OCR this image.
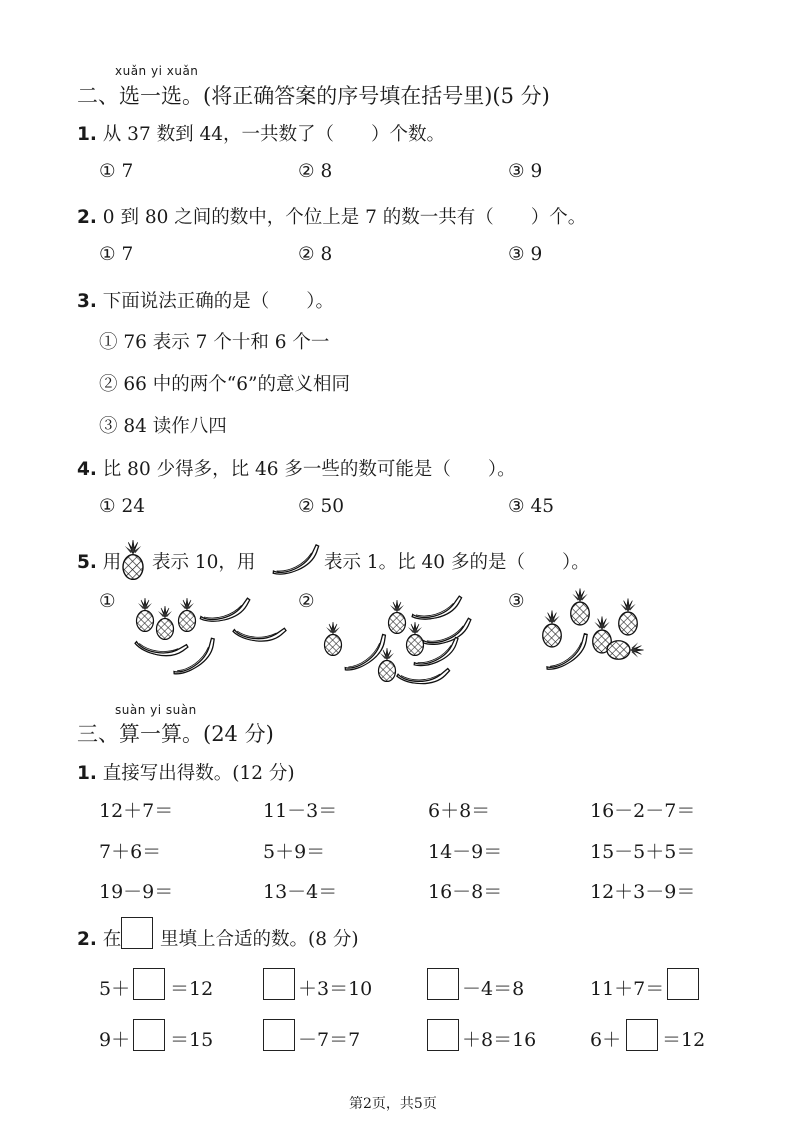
xuǎn yi xuǎn
二、选一选。(将正确答案的序号填在括号里)(5 分)
1. 从 37 数到 44，一共数了（　　）个数。
① 7	② 8	③ 9
2. 0 到 80 之间的数中，个位上是 7 的数一共有（　　）个。
① 7	② 8	③ 9
3. 下面说法正确的是（　　）。
① 76 表示 7 个十和 6 个一
② 66 中的两个“6”的意义相同
③ 84 读作八四
4. 比 80 少得多，比 46 多一些的数可能是（　　）。
① 24	② 50	③ 45
5. 用 表示 10，用	表示 1。比 40 多的是（　　）。
①	②	③
suàn yi suàn
三、算一算。(24 分)
1. 直接写出得数。(12 分)
12＋7＝	11－3＝	6＋8＝	16－2－7＝
7＋6＝	5＋9＝	14－9＝	15－5＋5＝
19－9＝	13－4＝	16－8＝	12＋3－9＝
2. 在 里填上合适的数。(8 分)
5＋ ＝12	＋3＝10	－4＝8	11＋7＝
9＋ ＝15	－7＝7	＋8＝16	6＋ ＝12
第2页，共5页
